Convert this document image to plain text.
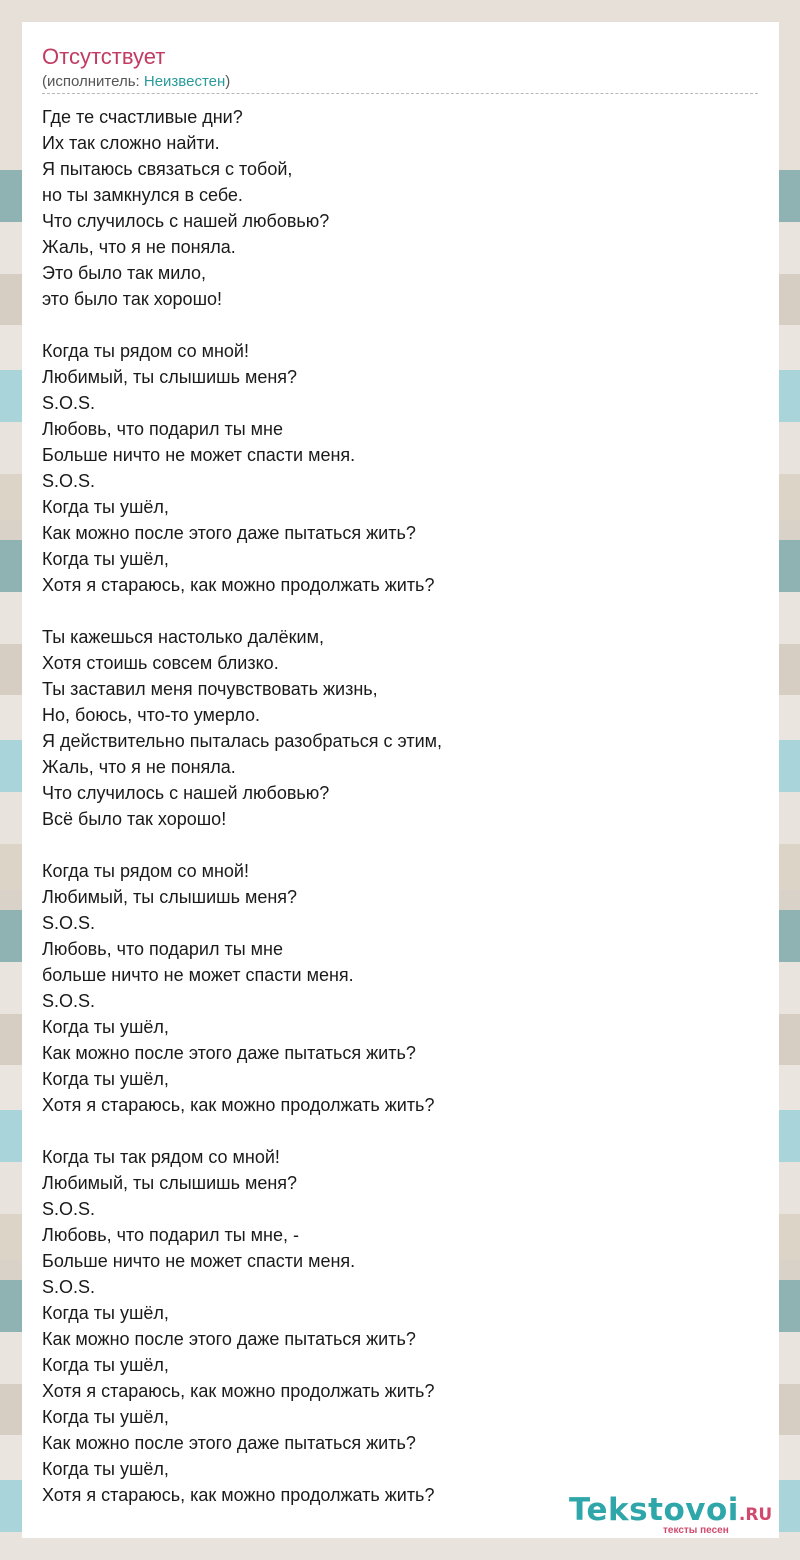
Отсутствует
(исполнитель: Неизвестен)
Где те счастливые дни?
Их так сложно найти.
Я пытаюсь связаться с тобой,
но ты замкнулся в себе.
Что случилось с нашей любовью?
Жаль, что я не поняла.
Это было так мило,
это было так хорошо!
Когда ты рядом со мной!
Любимый, ты слышишь меня?
S.O.S.
Любовь, что подарил ты мне
Больше ничто не может спасти меня.
S.O.S.
Когда ты ушёл,
Как можно после этого даже пытаться жить?
Когда ты ушёл,
Хотя я стараюсь, как можно продолжать жить?
Ты кажешься настолько далёким,
Хотя стоишь совсем близко.
Ты заставил меня почувствовать жизнь,
Но, боюсь, что-то умерло.
Я действительно пыталась разобраться с этим,
Жаль, что я не поняла.
Что случилось с нашей любовью?
Всё было так хорошо!
Когда ты рядом со мной!
Любимый, ты слышишь меня?
S.O.S.
Любовь, что подарил ты мне
больше ничто не может спасти меня.
S.O.S.
Когда ты ушёл,
Как можно после этого даже пытаться жить?
Когда ты ушёл,
Хотя я стараюсь, как можно продолжать жить?
Когда ты так рядом со мной!
Любимый, ты слышишь меня?
S.O.S.
Любовь, что подарил ты мне, -
Больше ничто не может спасти меня.
S.O.S.
Когда ты ушёл,
Как можно после этого даже пытаться жить?
Когда ты ушёл,
Хотя я стараюсь, как можно продолжать жить?
Когда ты ушёл,
Как можно после этого даже пытаться жить?
Когда ты ушёл,
Хотя я стараюсь, как можно продолжать жить?	Tekstovoi.RU
тексты песен
